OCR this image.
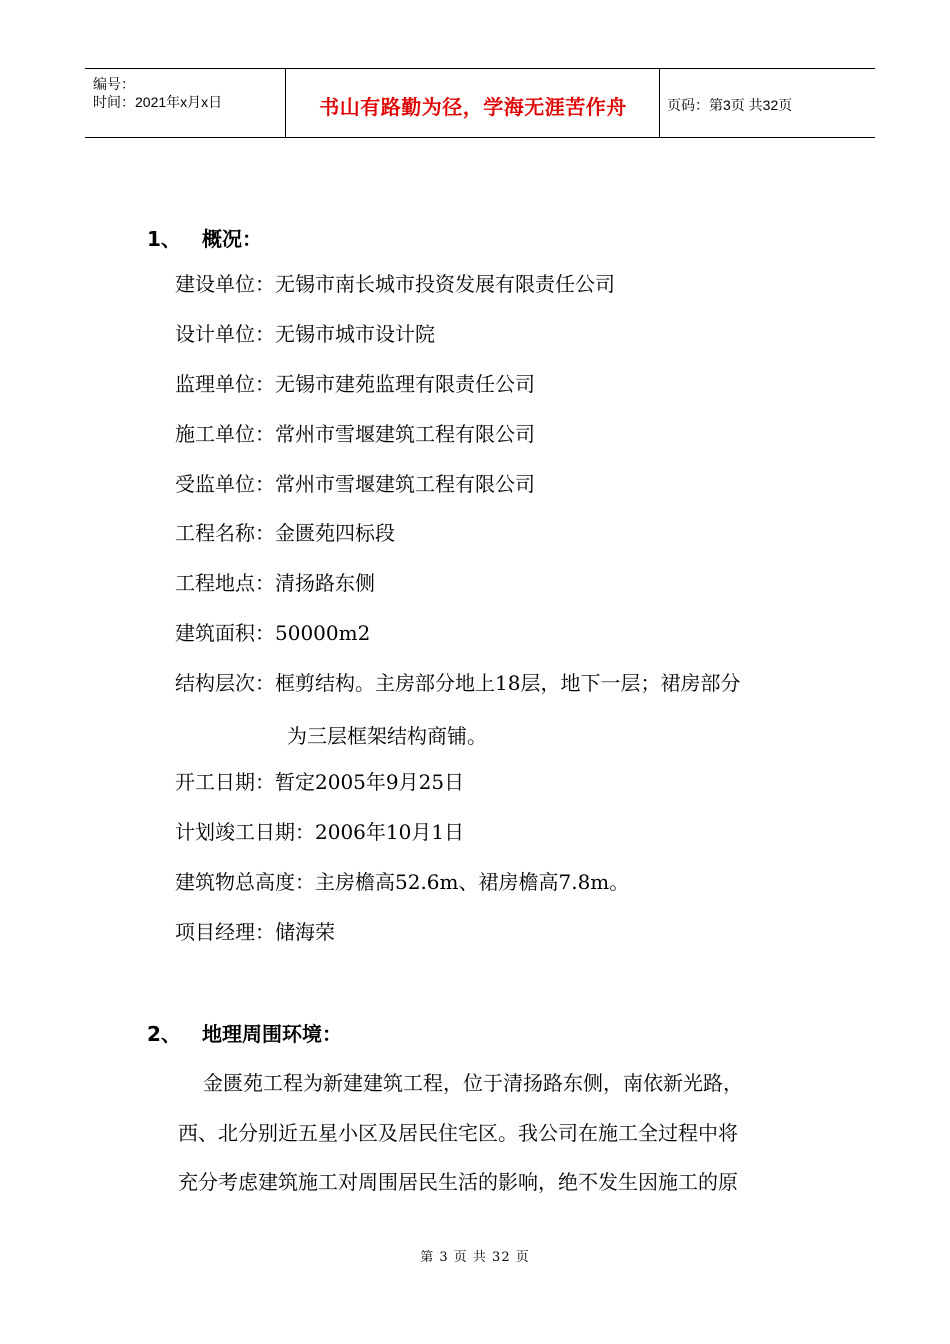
编号：
时间：2021年x月x日	书山有路勤为径，学海无涯苦作舟	页码：第3页 共32页
1、 概况：
建设单位：无锡市南长城市投资发展有限责任公司
设计单位：无锡市城市设计院
监理单位：无锡市建苑监理有限责任公司
施工单位：常州市雪堰建筑工程有限公司
受监单位：常州市雪堰建筑工程有限公司
工程名称：金匮苑四标段
工程地点：清扬路东侧
建筑面积：50000m2
结构层次：框剪结构。主房部分地上18层，地下一层；裙房部分
为三层框架结构商铺。
开工日期：暂定2005年9月25日
计划竣工日期：2006年10月1日
建筑物总高度：主房檐高52.6m、裙房檐高7.8m。
项目经理：储海荣
2、 地理周围环境：
金匮苑工程为新建建筑工程，位于清扬路东侧，南依新光路，
西、北分别近五星小区及居民住宅区。我公司在施工全过程中将
充分考虑建筑施工对周围居民生活的影响，绝不发生因施工的原
第 3 页 共 32 页
